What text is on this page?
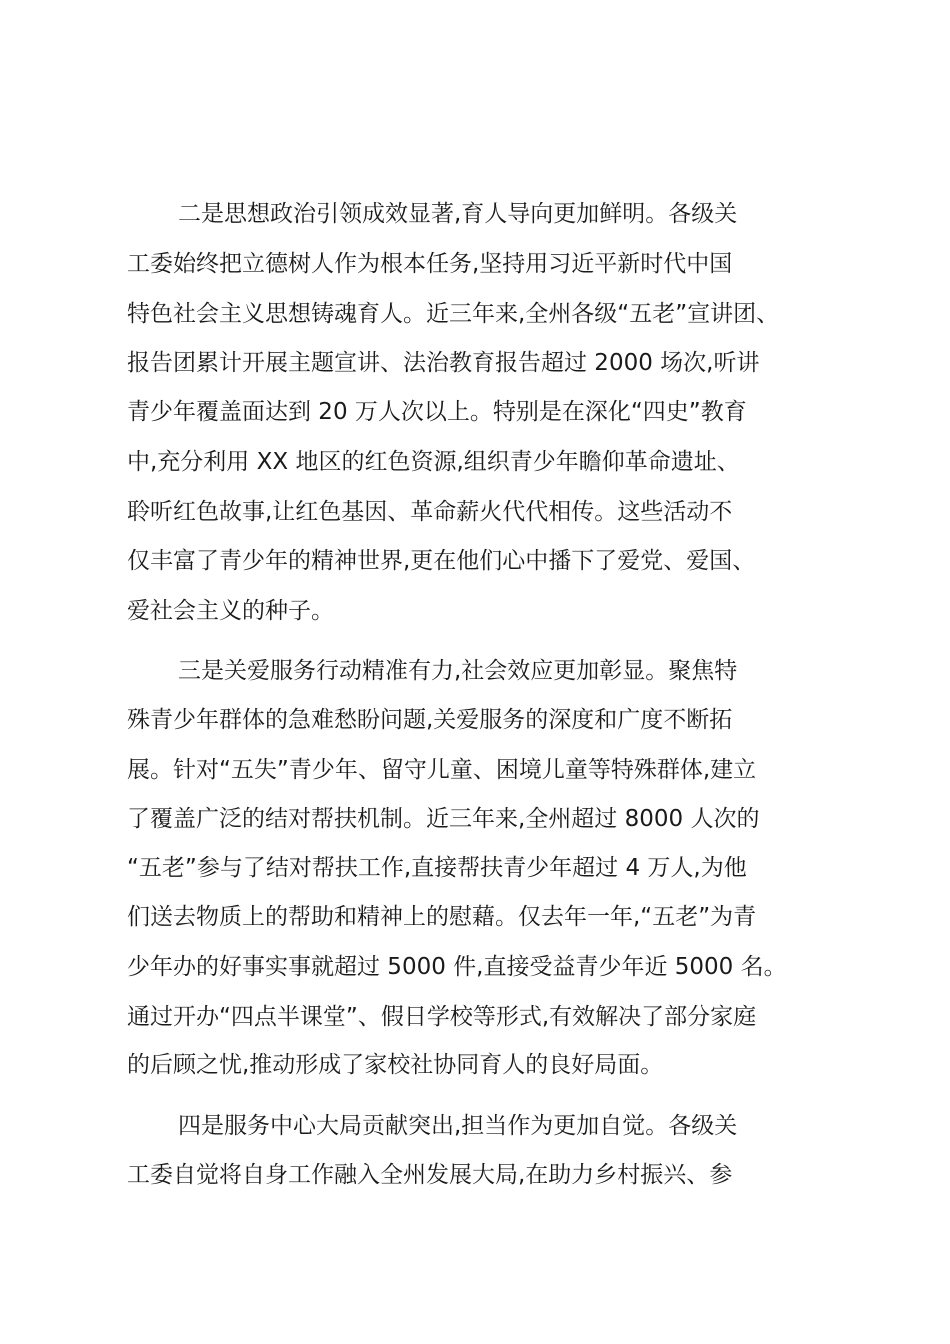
二是思想政治引领成效显著,育人导向更加鲜明。各级关
工委始终把立德树人作为根本任务,坚持用习近平新时代中国
特色社会主义思想铸魂育人。近三年来,全州各级“五老”宣讲团、
报告团累计开展主题宣讲、法治教育报告超过 2000 场次,听讲
青少年覆盖面达到 20 万人次以上。特别是在深化“四史”教育
中,充分利用 XX 地区的红色资源,组织青少年瞻仰革命遗址、
聆听红色故事,让红色基因、革命薪火代代相传。这些活动不
仅丰富了青少年的精神世界,更在他们心中播下了爱党、爱国、
爱社会主义的种子。
三是关爱服务行动精准有力,社会效应更加彰显。聚焦特
殊青少年群体的急难愁盼问题,关爱服务的深度和广度不断拓
展。针对“五失”青少年、留守儿童、困境儿童等特殊群体,建立
了覆盖广泛的结对帮扶机制。近三年来,全州超过 8000 人次的
“五老”参与了结对帮扶工作,直接帮扶青少年超过 4 万人,为他
们送去物质上的帮助和精神上的慰藉。仅去年一年,“五老”为青
少年办的好事实事就超过 5000 件,直接受益青少年近 5000 名。
通过开办“四点半课堂”、假日学校等形式,有效解决了部分家庭
的后顾之忧,推动形成了家校社协同育人的良好局面。
四是服务中心大局贡献突出,担当作为更加自觉。各级关
工委自觉将自身工作融入全州发展大局,在助力乡村振兴、参
